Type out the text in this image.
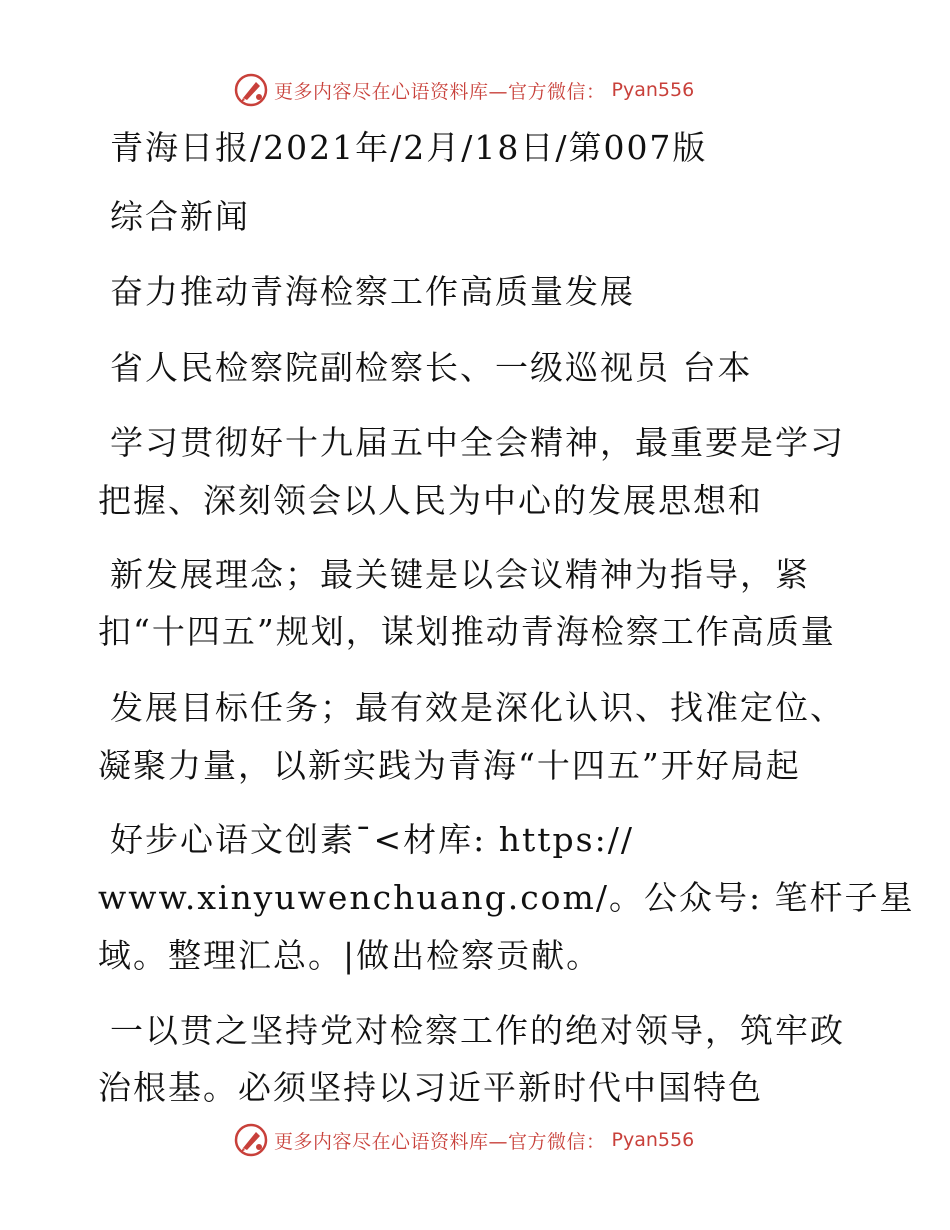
更多内容尽在心语资料库—官方微信： Pyan556
青海日报/2021年/2月/18日/第007版
综合新闻
奋力推动青海检察工作高质量发展
省人民检察院副检察长、一级巡视员 台本
学习贯彻好十九届五中全会精神，最重要是学习
把握、深刻领会以人民为中心的发展思想和
新发展理念；最关键是以会议精神为指导，紧
扣“十四五”规划，谋划推动青海检察工作高质量
发展目标任务；最有效是深化认识、找准定位、
凝聚力量，以新实践为青海“十四五”开好局起
好步心语文创素¯<材库: https://
www.xinyuwenchuang.com/。公众号: 笔杆子星
域。整理汇总。|做出检察贡献。
一以贯之坚持党对检察工作的绝对领导，筑牢政
治根基。必须坚持以习近平新时代中国特色
更多内容尽在心语资料库—官方微信： Pyan556
